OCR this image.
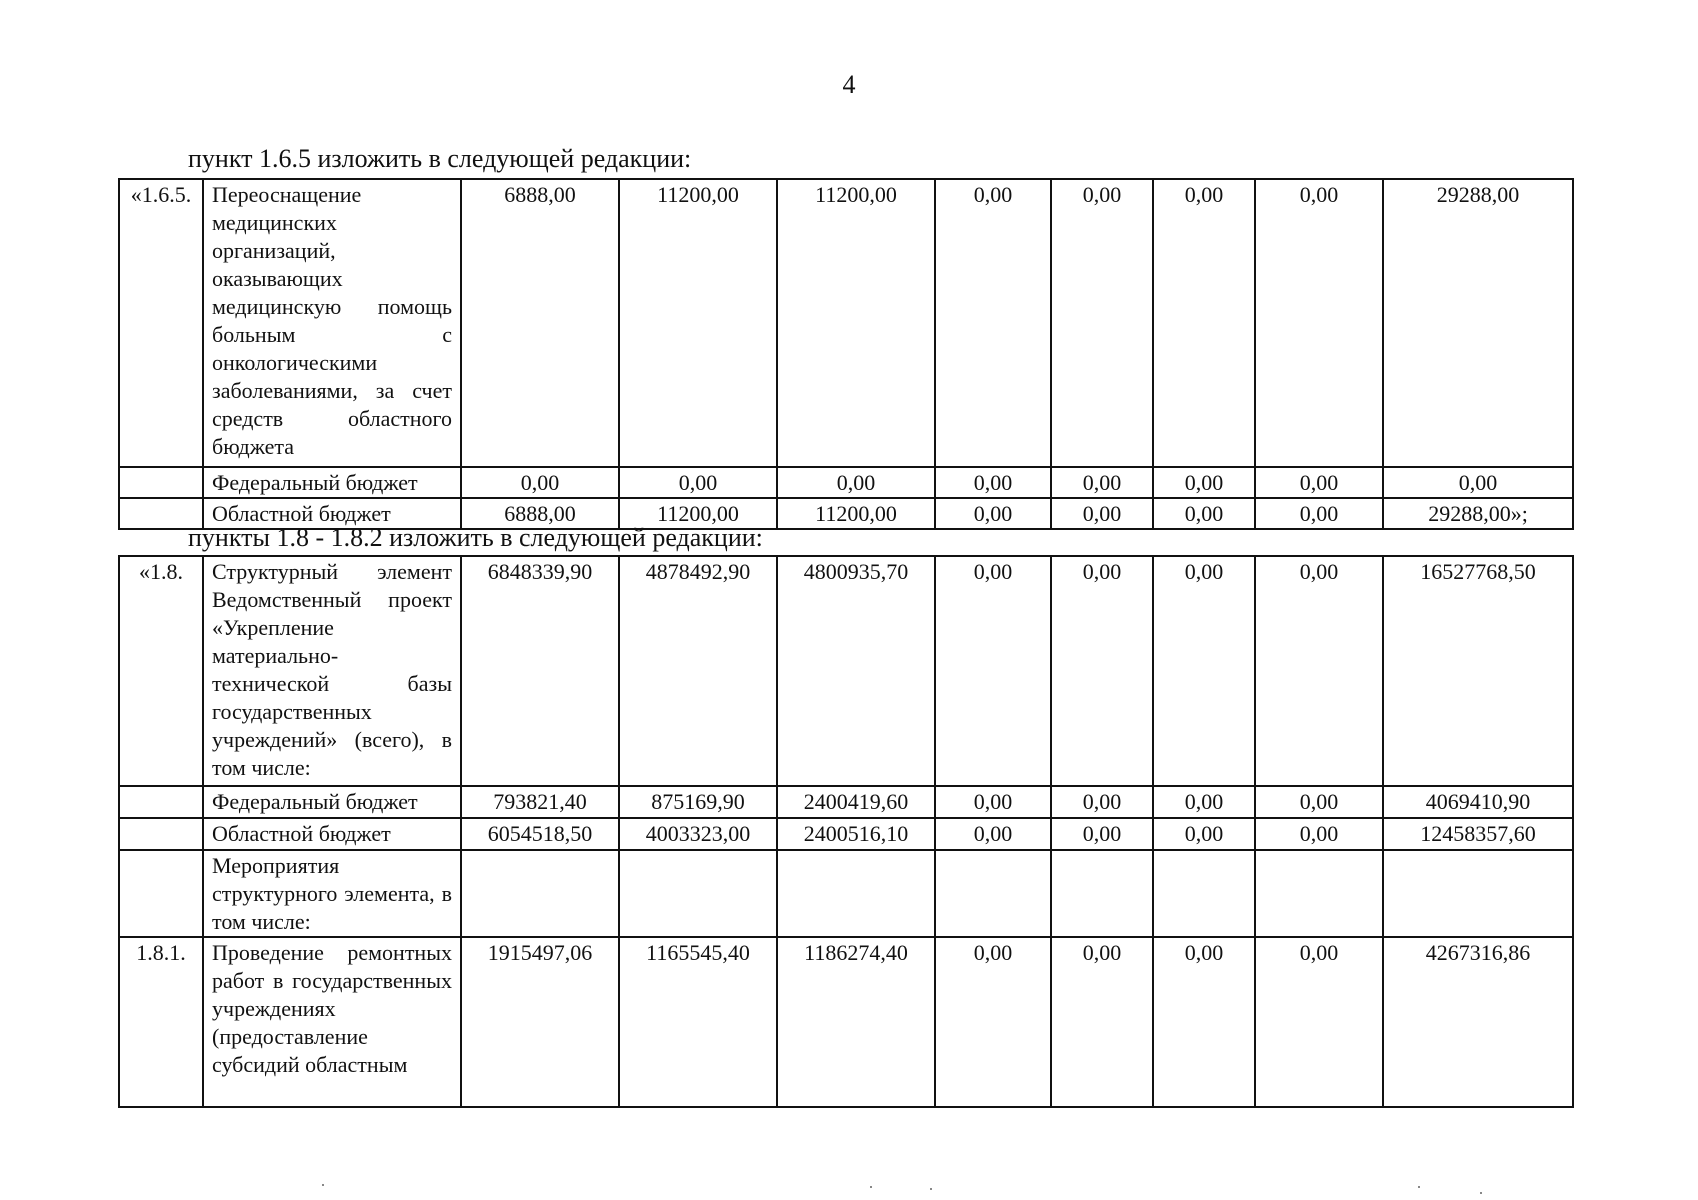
4
пункт 1.6.5 изложить в следующей редакции:
«1.6.5.	Переоснащение медицинских организаций, оказывающих медицинскую помощь больным с онкологическими заболеваниями, за счет средств областного бюджета	6888,00	11200,00	11200,00	0,00	0,00	0,00	0,00	29288,00
	Федеральный бюджет	0,00	0,00	0,00	0,00	0,00	0,00	0,00	0,00
	Областной бюджет	6888,00	11200,00	11200,00	0,00	0,00	0,00	0,00	29288,00»;
пункты 1.8 - 1.8.2 изложить в следующей редакции:
«1.8.	Структурный элемент Ведомственный проект «Укрепление материально-технической базы государственных учреждений» (всего), в том числе:	6848339,90	4878492,90	4800935,70	0,00	0,00	0,00	0,00	16527768,50
	Федеральный бюджет	793821,40	875169,90	2400419,60	0,00	0,00	0,00	0,00	4069410,90
	Областной бюджет	6054518,50	4003323,00	2400516,10	0,00	0,00	0,00	0,00	12458357,60
	Мероприятия структурного элемента, в том числе:								
1.8.1.	Проведение ремонтных работ в государственных учреждениях (предоставление субсидий областным	1915497,06	1165545,40	1186274,40	0,00	0,00	0,00	0,00	4267316,86
